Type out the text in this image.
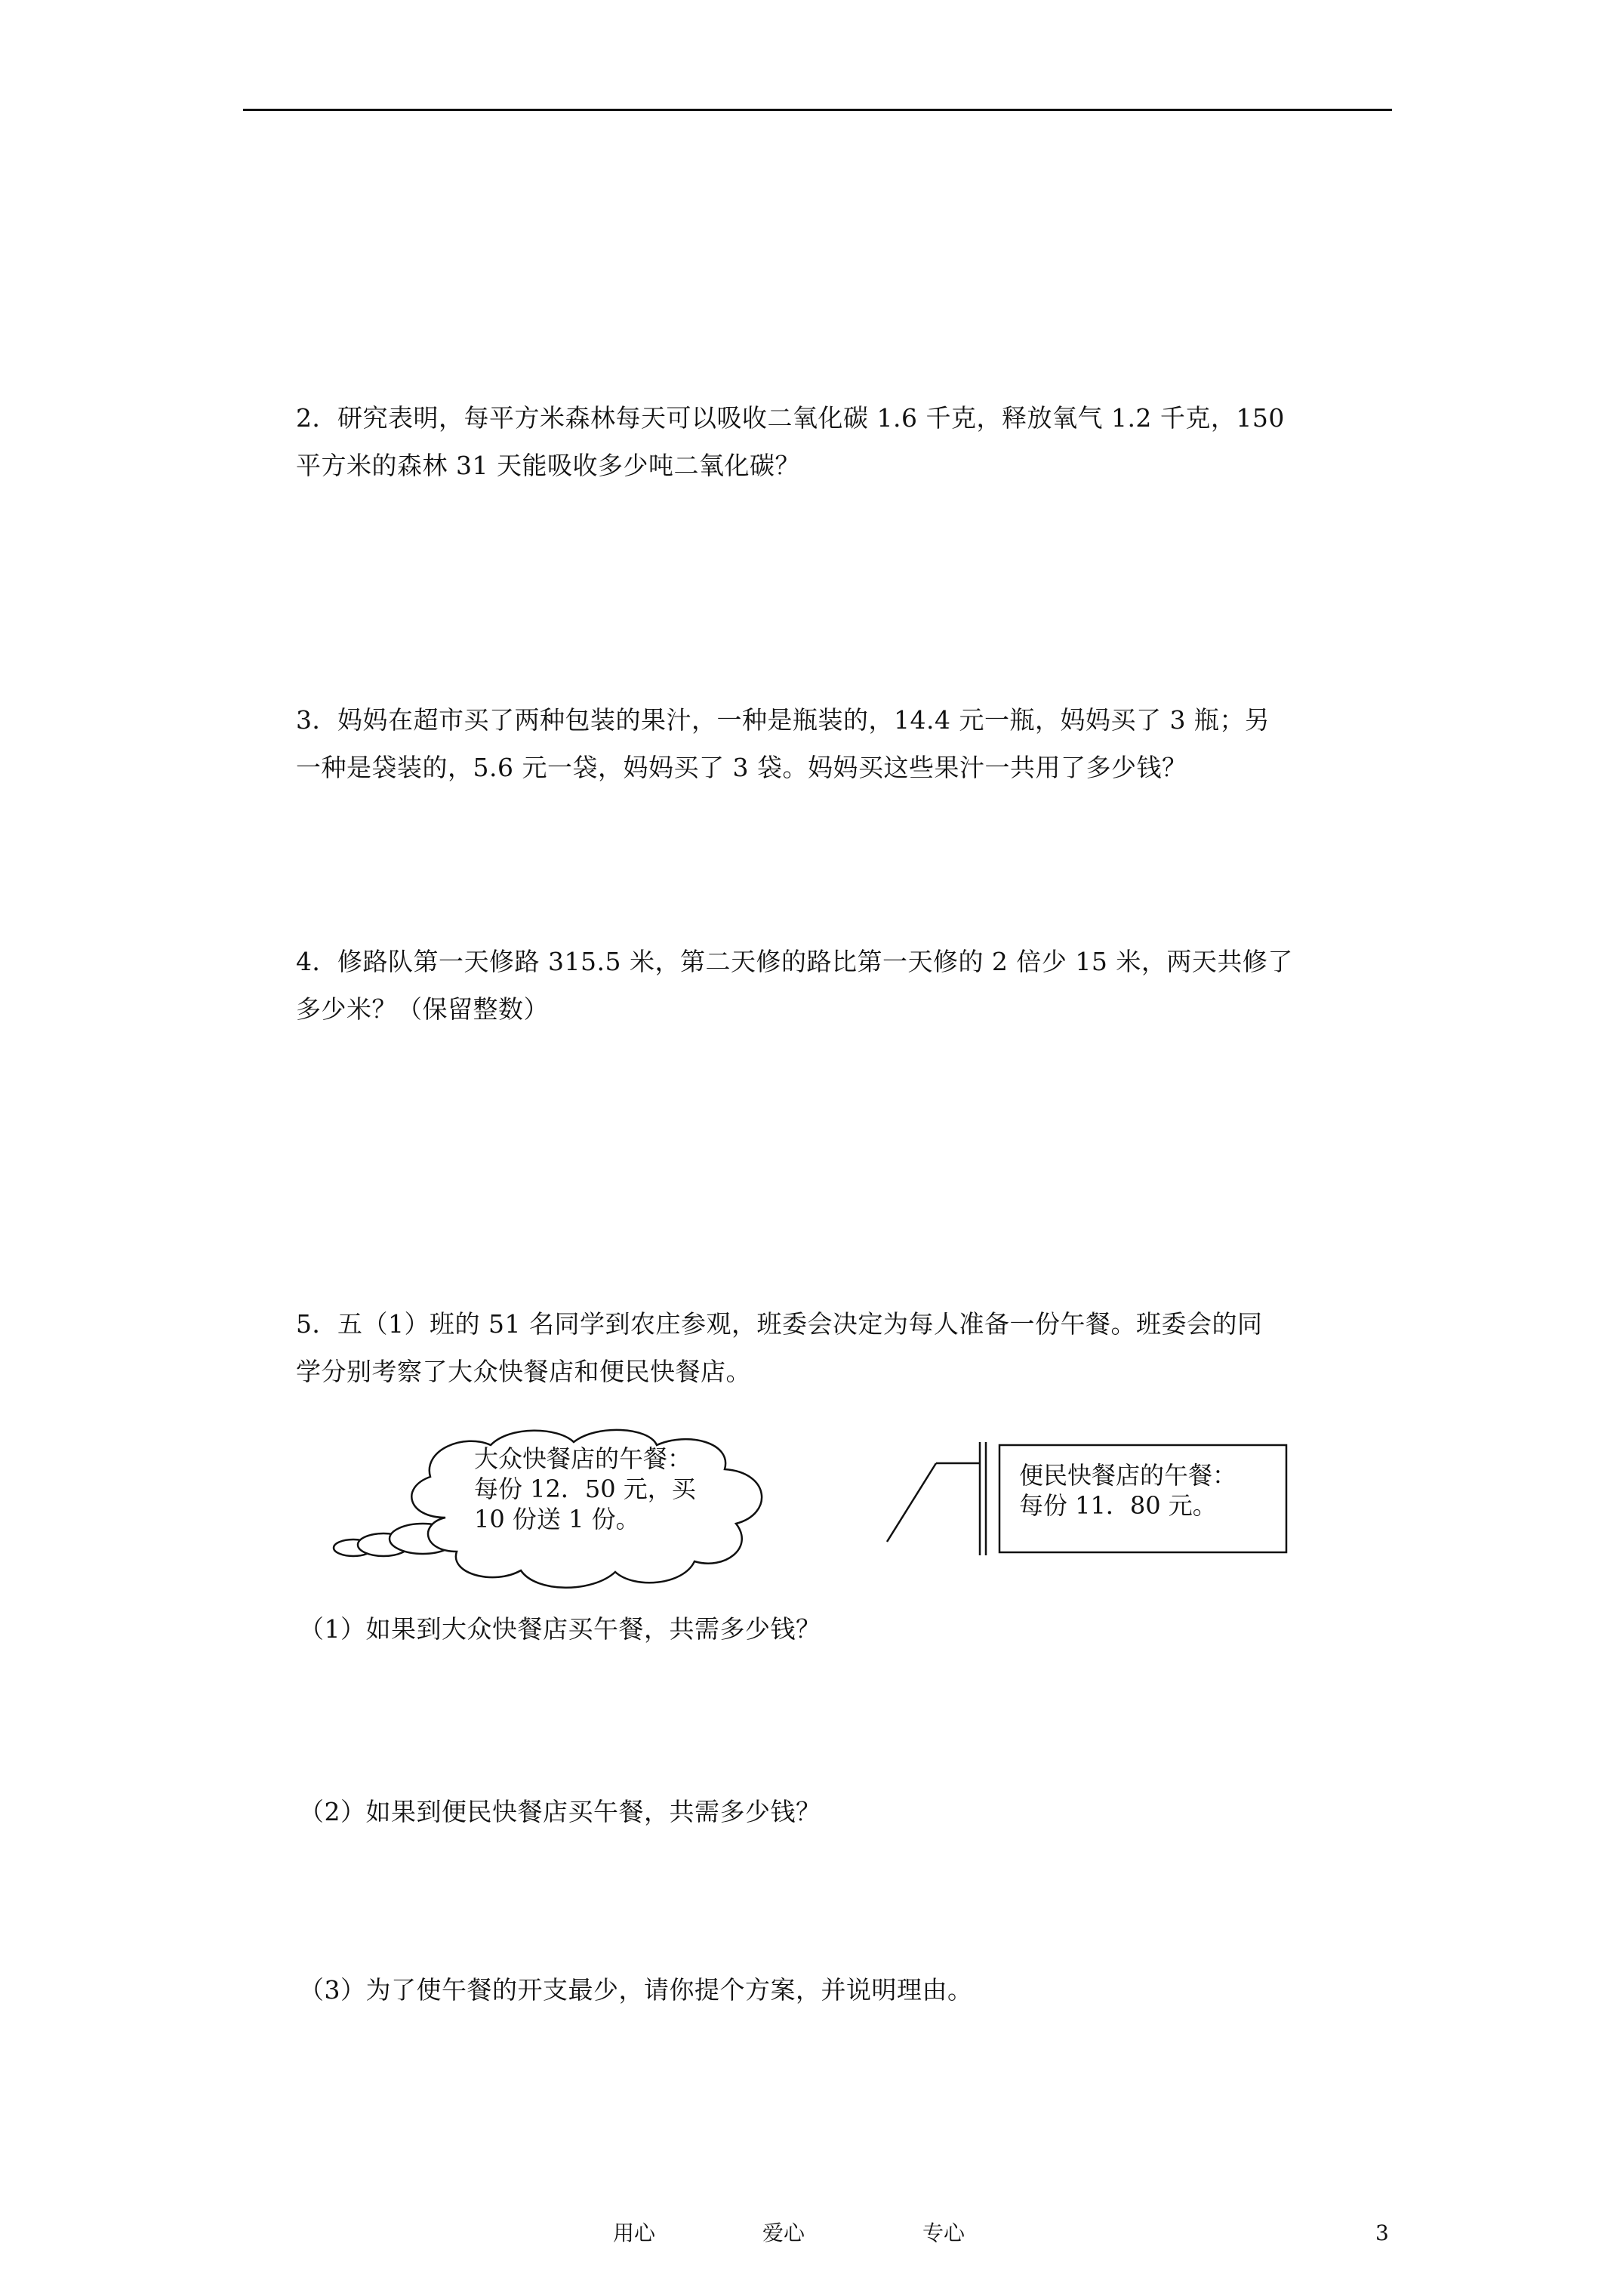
2．研究表明，每平方米森林每天可以吸收二氧化碳 1.6 千克，释放氧气 1.2 千克，150
平方米的森林 31 天能吸收多少吨二氧化碳？
3．妈妈在超市买了两种包装的果汁，一种是瓶装的，14.4 元一瓶，妈妈买了 3 瓶；另
一种是袋装的，5.6 元一袋，妈妈买了 3 袋。妈妈买这些果汁一共用了多少钱？
4．修路队第一天修路 315.5 米，第二天修的路比第一天修的 2 倍少 15 米，两天共修了
多少米？（保留整数）
5．五（1）班的 51 名同学到农庄参观，班委会决定为每人准备一份午餐。班委会的同
学分别考察了大众快餐店和便民快餐店。
大众快餐店的午餐：
每份 12．50 元，买
10 份送 1 份。
便民快餐店的午餐：
每份 11．80 元。
（1）如果到大众快餐店买午餐，共需多少钱？
（2）如果到便民快餐店买午餐，共需多少钱？
（3）为了使午餐的开支最少，请你提个方案，并说明理由。
用心	爱心	专心	3
